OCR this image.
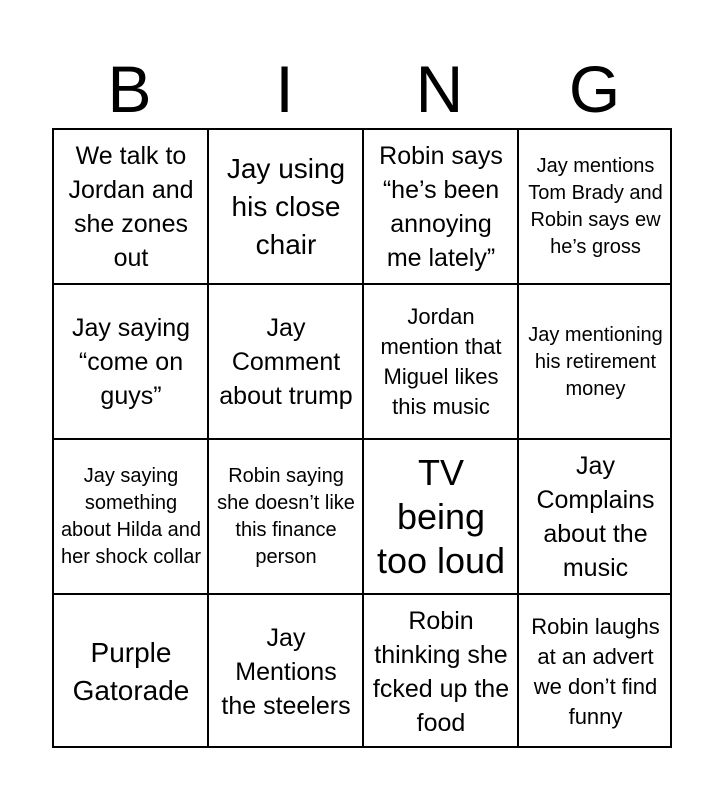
B	I	N	G
We talk to Jordan and she zones out
Jay using his close chair
Robin says “he’s been annoying me lately”
Jay mentions Tom Brady and Robin says ew he’s gross
Jay saying “come on guys”
Jay Comment about trump
Jordan mention that Miguel likes this music
Jay mentioning his retirement money
Jay saying something about Hilda and her shock collar
Robin saying she doesn’t like this finance person
TV being too loud
Jay Complains about the music
Purple Gatorade
Jay Mentions the steelers
Robin thinking she fcked up the food
Robin laughs at an advert we don’t find funny
